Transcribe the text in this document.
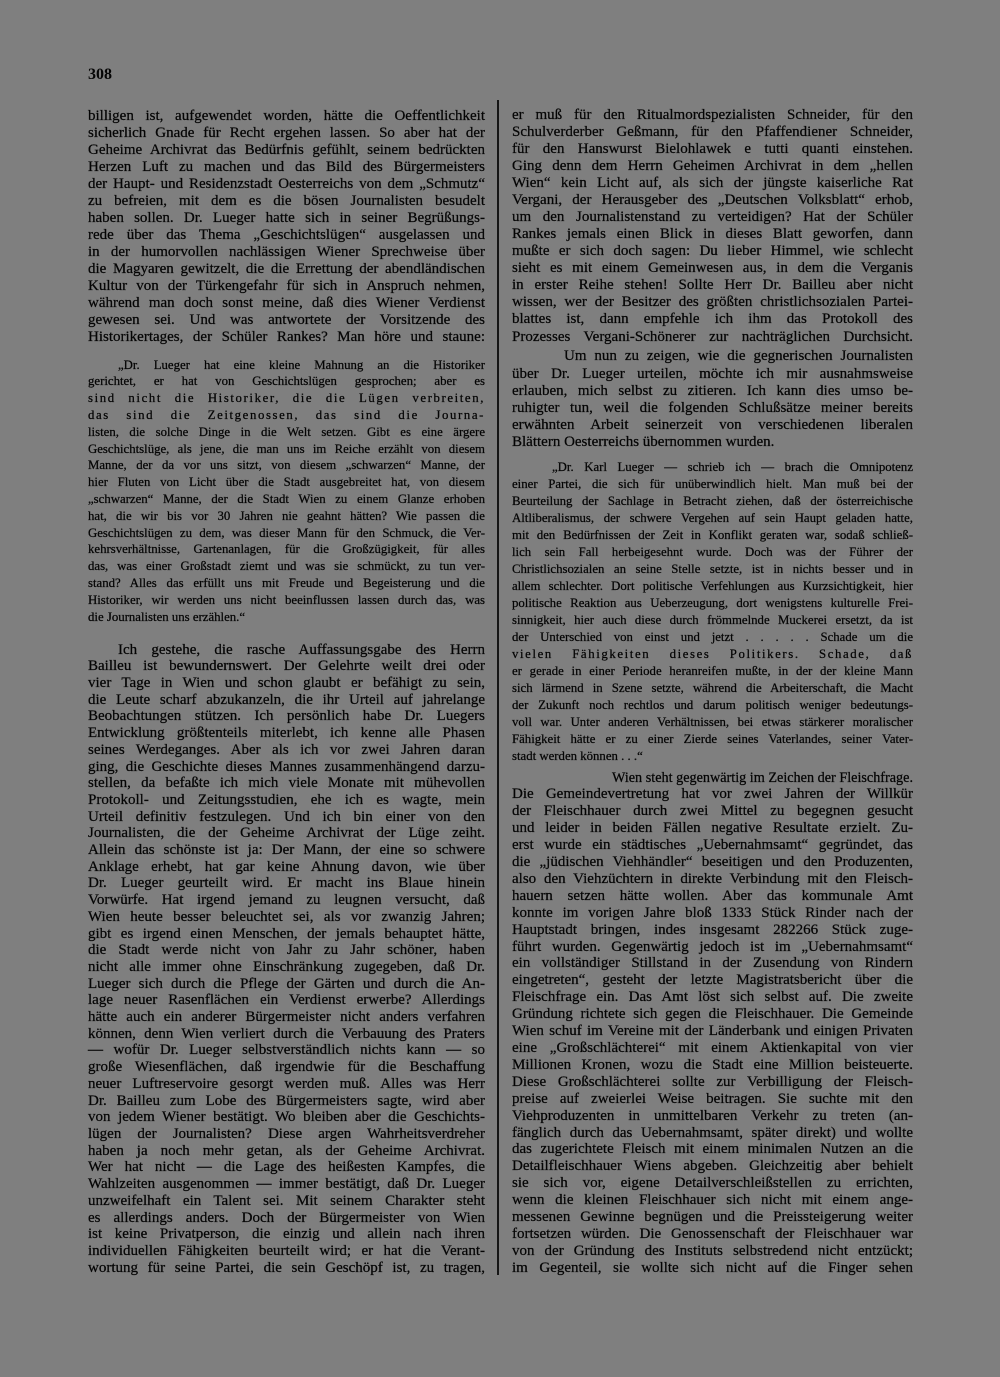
308
billigen ist, aufgewendet worden, hätte die Oeffentlichkeit
sicherlich Gnade für Recht ergehen lassen. So aber hat der
Geheime Archivrat das Bedürfnis gefühlt, seinem bedrückten
Herzen Luft zu machen und das Bild des Bürgermeisters
der Haupt- und Residenzstadt Oesterreichs von dem „Schmutz“
zu befreien, mit dem es die bösen Journalisten besudelt
haben sollen. Dr. Lueger hatte sich in seiner Begrüßungs-
rede über das Thema „Geschichtslügen“ ausgelassen und
in der humorvollen nachlässigen Wiener Sprechweise über
die Magyaren gewitzelt, die die Errettung der abendländischen
Kultur von der Türkengefahr für sich in Anspruch nehmen,
während man doch sonst meine, daß dies Wiener Verdienst
gewesen sei. Und was antwortete der Vorsitzende des
Historikertages, der Schüler Rankes? Man höre und staune:
„Dr. Lueger hat eine kleine Mahnung an die Historiker
gerichtet, er hat von Geschichtslügen gesprochen; aber es
sind nicht die Historiker, die die Lügen verbreiten,
das sind die Zeitgenossen, das sind die Journa-
listen, die solche Dinge in die Welt setzen. Gibt es eine ärgere
Geschichtslüge, als jene, die man uns im Reiche erzählt von diesem
Manne, der da vor uns sitzt, von diesem „schwarzen“ Manne, der
hier Fluten von Licht über die Stadt ausgebreitet hat, von diesem
„schwarzen“ Manne, der die Stadt Wien zu einem Glanze erhoben
hat, die wir bis vor 30 Jahren nie geahnt hätten? Wie passen die
Geschichtslügen zu dem, was dieser Mann für den Schmuck, die Ver-
kehrsverhältnisse, Gartenanlagen, für die Großzügigkeit, für alles
das, was einer Großstadt ziemt und was sie schmückt, zu tun ver-
stand? Alles das erfüllt uns mit Freude und Begeisterung und die
Historiker, wir werden uns nicht beeinflussen lassen durch das, was
die Journalisten uns erzählen.“
Ich gestehe, die rasche Auffassungsgabe des Herrn
Bailleu ist bewundernswert. Der Gelehrte weilt drei oder
vier Tage in Wien und schon glaubt er befähigt zu sein,
die Leute scharf abzukanzeln, die ihr Urteil auf jahrelange
Beobachtungen stützen. Ich persönlich habe Dr. Luegers
Entwicklung größtenteils miterlebt, ich kenne alle Phasen
seines Werdeganges. Aber als ich vor zwei Jahren daran
ging, die Geschichte dieses Mannes zusammenhängend darzu-
stellen, da befaßte ich mich viele Monate mit mühevollen
Protokoll- und Zeitungsstudien, ehe ich es wagte, mein
Urteil definitiv festzulegen. Und ich bin einer von den
Journalisten, die der Geheime Archivrat der Lüge zeiht.
Allein das schönste ist ja: Der Mann, der eine so schwere
Anklage erhebt, hat gar keine Ahnung davon, wie über
Dr. Lueger geurteilt wird. Er macht ins Blaue hinein
Vorwürfe. Hat irgend jemand zu leugnen versucht, daß
Wien heute besser beleuchtet sei, als vor zwanzig Jahren;
gibt es irgend einen Menschen, der jemals behauptet hätte,
die Stadt werde nicht von Jahr zu Jahr schöner, haben
nicht alle immer ohne Einschränkung zugegeben, daß Dr.
Lueger sich durch die Pflege der Gärten und durch die An-
lage neuer Rasenflächen ein Verdienst erwerbe? Allerdings
hätte auch ein anderer Bürgermeister nicht anders verfahren
können, denn Wien verliert durch die Verbauung des Praters
— wofür Dr. Lueger selbstverständlich nichts kann — so
große Wiesenflächen, daß irgendwie für die Beschaffung
neuer Luftreservoire gesorgt werden muß. Alles was Herr
Dr. Bailleu zum Lobe des Bürgermeisters sagte, wird aber
von jedem Wiener bestätigt. Wo bleiben aber die Geschichts-
lügen der Journalisten? Diese argen Wahrheitsverdreher
haben ja noch mehr getan, als der Geheime Archivrat.
Wer hat nicht — die Lage des heißesten Kampfes, die
Wahlzeiten ausgenommen — immer bestätigt, daß Dr. Lueger
unzweifelhaft ein Talent sei. Mit seinem Charakter steht
es allerdings anders. Doch der Bürgermeister von Wien
ist keine Privatperson, die einzig und allein nach ihren
individuellen Fähigkeiten beurteilt wird; er hat die Verant-
wortung für seine Partei, die sein Geschöpf ist, zu tragen,
er muß für den Ritualmordspezialisten Schneider, für den
Schulverderber Geßmann, für den Pfaffendiener Schneider,
für den Hanswurst Bielohlawek e tutti quanti einstehen.
Ging denn dem Herrn Geheimen Archivrat in dem „hellen
Wien“ kein Licht auf, als sich der jüngste kaiserliche Rat
Vergani, der Herausgeber des „Deutschen Volksblatt“ erhob,
um den Journalistenstand zu verteidigen? Hat der Schüler
Rankes jemals einen Blick in dieses Blatt geworfen, dann
mußte er sich doch sagen: Du lieber Himmel, wie schlecht
sieht es mit einem Gemeinwesen aus, in dem die Verganis
in erster Reihe stehen! Sollte Herr Dr. Bailleu aber nicht
wissen, wer der Besitzer des größten christlichsozialen Partei-
blattes ist, dann empfehle ich ihm das Protokoll des
Prozesses Vergani-Schönerer zur nachträglichen Durchsicht.
Um nun zu zeigen, wie die gegnerischen Journalisten
über Dr. Lueger urteilen, möchte ich mir ausnahmsweise
erlauben, mich selbst zu zitieren. Ich kann dies umso be-
ruhigter tun, weil die folgenden Schlußsätze meiner bereits
erwähnten Arbeit seinerzeit von verschiedenen liberalen
Blättern Oesterreichs übernommen wurden.
„Dr. Karl Lueger — schrieb ich — brach die Omnipotenz
einer Partei, die sich für unüberwindlich hielt. Man muß bei der
Beurteilung der Sachlage in Betracht ziehen, daß der österreichische
Altliberalismus, der schwere Vergehen auf sein Haupt geladen hatte,
mit den Bedürfnissen der Zeit in Konflikt geraten war, sodaß schließ-
lich sein Fall herbeigesehnt wurde. Doch was der Führer der
Christlichsozialen an seine Stelle setzte, ist in nichts besser und in
allem schlechter. Dort politische Verfehlungen aus Kurzsichtigkeit, hier
politische Reaktion aus Ueberzeugung, dort wenigstens kulturelle Frei-
sinnigkeit, hier auch diese durch frömmelnde Muckerei ersetzt, da ist
der Unterschied von einst und jetzt . . . . . Schade um die
vielen Fähigkeiten dieses Politikers. Schade, daß
er gerade in einer Periode heranreifen mußte, in der der kleine Mann
sich lärmend in Szene setzte, während die Arbeiterschaft, die Macht
der Zukunft noch rechtlos und darum politisch weniger bedeutungs-
voll war. Unter anderen Verhältnissen, bei etwas stärkerer moralischer
Fähigkeit hätte er zu einer Zierde seines Vaterlandes, seiner Vater-
stadt werden können . . .“
Wien steht gegenwärtig im Zeichen der Fleischfrage.
Die Gemeindevertretung hat vor zwei Jahren der Willkür
der Fleischhauer durch zwei Mittel zu begegnen gesucht
und leider in beiden Fällen negative Resultate erzielt. Zu-
erst wurde ein städtisches „Uebernahmsamt“ gegründet, das
die „jüdischen Viehhändler“ beseitigen und den Produzenten,
also den Viehzüchtern in direkte Verbindung mit den Fleisch-
hauern setzen hätte wollen. Aber das kommunale Amt
konnte im vorigen Jahre bloß 1333 Stück Rinder nach der
Hauptstadt bringen, indes insgesamt 282266 Stück zuge-
führt wurden. Gegenwärtig jedoch ist im „Uebernahmsamt“
ein vollständiger Stillstand in der Zusendung von Rindern
eingetreten“, gesteht der letzte Magistratsbericht über die
Fleischfrage ein. Das Amt löst sich selbst auf. Die zweite
Gründung richtete sich gegen die Fleischhauer. Die Gemeinde
Wien schuf im Vereine mit der Länderbank und einigen Privaten
eine „Großschlächterei“ mit einem Aktienkapital von vier
Millionen Kronen, wozu die Stadt eine Million beisteuerte.
Diese Großschlächterei sollte zur Verbilligung der Fleisch-
preise auf zweierlei Weise beitragen. Sie suchte mit den
Viehproduzenten in unmittelbaren Verkehr zu treten (an-
fänglich durch das Uebernahmsamt, später direkt) und wollte
das zugerichtete Fleisch mit einem minimalen Nutzen an die
Detailfleischhauer Wiens abgeben. Gleichzeitig aber behielt
sie sich vor, eigene Detailverschleißstellen zu errichten,
wenn die kleinen Fleischhauer sich nicht mit einem ange-
messenen Gewinne begnügen und die Preissteigerung weiter
fortsetzen würden. Die Genossenschaft der Fleischhauer war
von der Gründung des Instituts selbstredend nicht entzückt;
im Gegenteil, sie wollte sich nicht auf die Finger sehen
